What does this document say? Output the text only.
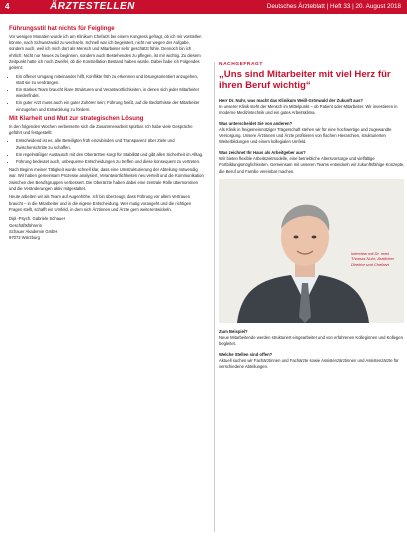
4	ÄRZTESTELLEN	Deutsches Ärzteblatt | Heft 33 | 20. August 2018
Führungsstil hat nichts für Feiglinge

Vor wenigen Monaten wurde ich am Klinikum Chefarzt bei einem Kongress gefragt, ob ich mir vorstellen könnte, nach Schwarzwald zu wechseln. Schnell war ich begeistert, nicht nur wegen der Aufgabe, sondern auch, weil ich mich dort als Mensch und Mitarbeiter sehr geschätzt fühle. Dennoch bin ich ehrlich: Nicht nur Neues zu beginnen, sondern auch Bestehendes zu pflegen, ist mir wichtig. Zu diesem Zeitpunkt hatte ich noch Zweifel, ob die Konstellation Bestand haben würde. Dabei habe ich Folgendes gelernt:

• Ein offener Umgang miteinander hilft, Konflikte früh zu erkennen und lösungsorientiert anzugehen, statt sie zu verdrängen.
• Ein starkes Team braucht klare Strukturen und Verantwortlichkeiten, in denen sich jeder Mitarbeiter wiederfindet.
• Ein guter Arzt muss auch ein guter Zuhörer sein; Führung heißt, auf die Bedürfnisse der Mitarbeiter einzugehen und Entwicklung zu fördern.
Mit Klarheit und Mut zur strategischen Lösung

In den folgenden Wochen verbesserte sich die Zusammenarbeit spürbar. Ich habe viele Gespräche geführt und festgestellt:

• Entscheidend ist es, alle Beteiligten früh einzubinden und Transparenz über Ziele und Zwischenschritte zu schaffen.
• Ein regelmäßiger Austausch mit den Oberärzten sorgt für Stabilität und gibt allen Sicherheit im Alltag.
• Führung bedeutet auch, unbequeme Entscheidungen zu treffen und diese konsequent zu vertreten.

Nach Beginn meiner Tätigkeit wurde schnell klar, dass eine Umstrukturierung der Abteilung notwendig war. Wir haben gemeinsam Prozesse analysiert, Verantwortlichkeiten neu verteilt und die Kommunikation zwischen den Berufsgruppen verbessert. Die Oberärzte haben dabei eine zentrale Rolle übernommen und die Veränderungen aktiv mitgestaltet.

Heute arbeiten wir als Team auf Augenhöhe. Ich bin überzeugt, dass Führung vor allem Vertrauen braucht – in die Mitarbeiter und in die eigene Entscheidung. Wer mutig vorangeht und die richtigen Fragen stellt, schafft ein Umfeld, in dem sich Ärztinnen und Ärzte gern weiterentwickeln.

Dipl.-Psych. Gabriele Schauer
Geschäftsführerin
Schauer Akademie GmbH
97072 Würzburg
NACHGEFRAGT
„Uns sind Mitarbeiter mit viel Herz für ihren Beruf wichtig“

Herr Dr. Nuhr, was macht das Klinikum Weiß-Grönwald der Zukunft aus?

In unserer Klinik steht der Mensch im Mittelpunkt – ob Patient oder Mitarbeiter. Wir investieren in moderne Medizintechnik und ein gutes Arbeitsklima.

Was unterscheidet Sie von anderen?

Als Klinik in freigemeinnütziger Trägerschaft stehen wir für eine hochwertige und zugewandte Versorgung. Unsere Ärztinnen und Ärzte profitieren von flachen Hierarchien, strukturierten Weiterbildungen und einem kollegialen Umfeld.

Was zeichnet Ihr Haus als Arbeitgeber aus?

Wir bieten flexible Arbeitszeitmodelle, eine betriebliche Altersvorsorge und vielfältige Fortbildungsmöglichkeiten. Gemeinsam mit unseren Teams entwickeln wir zukunftsfähige Konzepte, die Beruf und Familie vereinbar machen.

Interview mit Dr. med. Thomas Nuhr, Ärztlicher Direktor und Chefarzt

Zum Beispiel?

Neue Mitarbeitende werden strukturiert eingearbeitet und von erfahrenen Kolleginnen und Kollegen begleitet.

Welche Stellen sind offen?

Aktuell suchen wir Fachärztinnen und Fachärzte sowie Assistenzärztinnen und Assistenzärzte für verschiedene Abteilungen.
